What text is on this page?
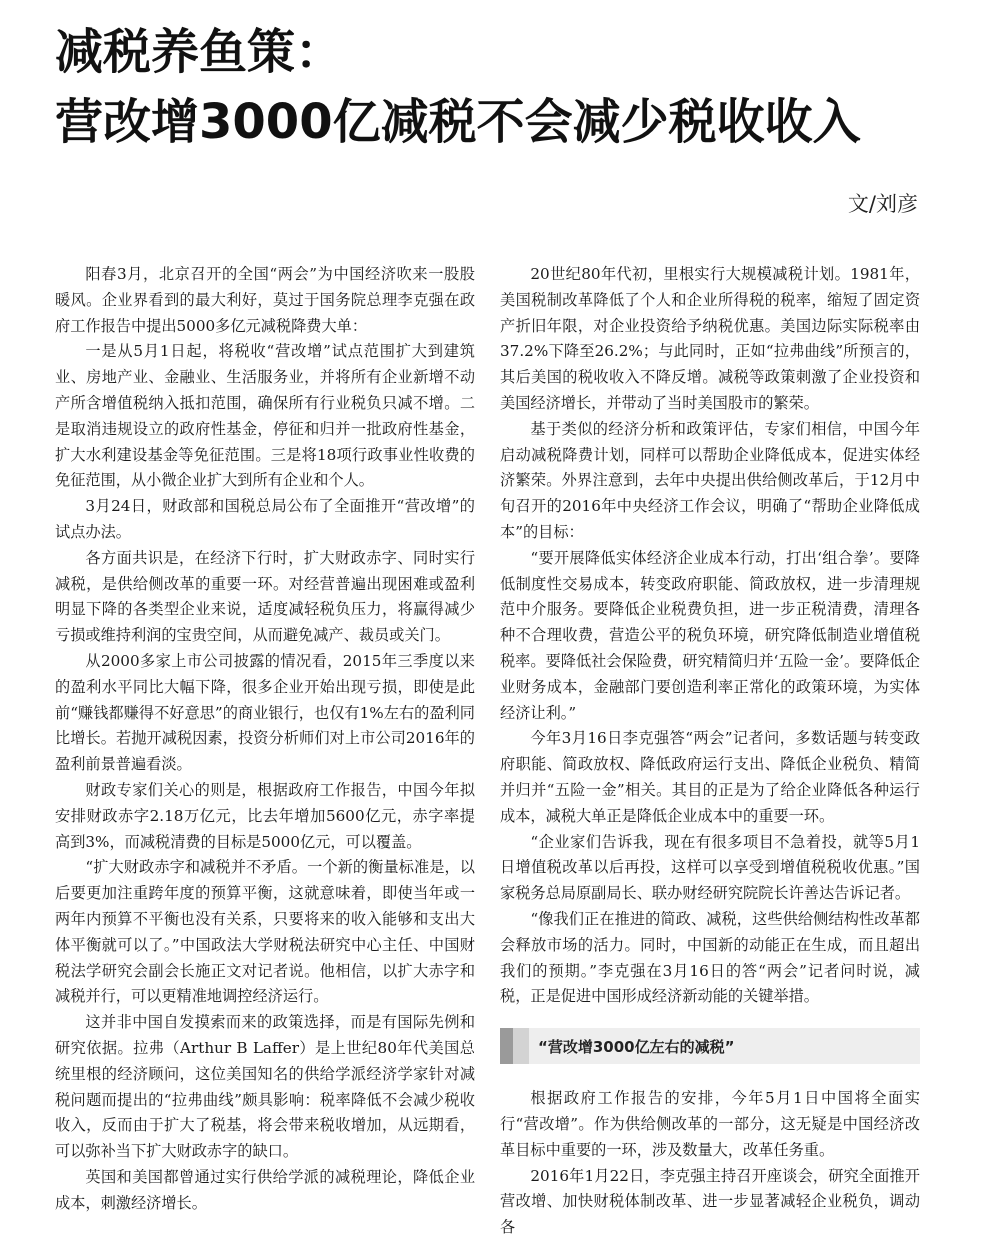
减税养鱼策：
营改增3000亿减税不会减少税收收入
文/刘彦

阳春3月，北京召开的全国“两会”为中国经济吹来一股股暖风。企业界看到的最大利好，莫过于国务院总理李克强在政府工作报告中提出5000多亿元减税降费大单：

一是从5月1日起，将税收“营改增”试点范围扩大到建筑业、房地产业、金融业、生活服务业，并将所有企业新增不动产所含增值税纳入抵扣范围，确保所有行业税负只减不增。二是取消违规设立的政府性基金，停征和归并一批政府性基金，扩大水利建设基金等免征范围。三是将18项行政事业性收费的免征范围，从小微企业扩大到所有企业和个人。

3月24日，财政部和国税总局公布了全面推开“营改增”的试点办法。

各方面共识是，在经济下行时，扩大财政赤字、同时实行减税，是供给侧改革的重要一环。对经营普遍出现困难或盈利明显下降的各类型企业来说，适度减轻税负压力，将赢得减少亏损或维持利润的宝贵空间，从而避免减产、裁员或关门。

从2000多家上市公司披露的情况看，2015年三季度以来的盈利水平同比大幅下降，很多企业开始出现亏损，即使是此前“赚钱都赚得不好意思”的商业银行，也仅有1%左右的盈利同比增长。若抛开减税因素，投资分析师们对上市公司2016年的盈利前景普遍看淡。

财政专家们关心的则是，根据政府工作报告，中国今年拟安排财政赤字2.18万亿元，比去年增加5600亿元，赤字率提高到3%，而减税清费的目标是5000亿元，可以覆盖。

“扩大财政赤字和减税并不矛盾。一个新的衡量标准是，以后要更加注重跨年度的预算平衡，这就意味着，即使当年或一两年内预算不平衡也没有关系，只要将来的收入能够和支出大体平衡就可以了。”中国政法大学财税法研究中心主任、中国财税法学研究会副会长施正文对记者说。他相信，以扩大赤字和减税并行，可以更精准地调控经济运行。

这并非中国自发摸索而来的政策选择，而是有国际先例和研究依据。拉弗（Arthur B Laffer）是上世纪80年代美国总统里根的经济顾问，这位美国知名的供给学派经济学家针对减税问题而提出的“拉弗曲线”颇具影响：税率降低不会减少税收收入，反而由于扩大了税基，将会带来税收增加，从远期看，可以弥补当下扩大财政赤字的缺口。

英国和美国都曾通过实行供给学派的减税理论，降低企业成本，刺激经济增长。

20世纪80年代初，里根实行大规模减税计划。1981年，美国税制改革降低了个人和企业所得税的税率，缩短了固定资产折旧年限，对企业投资给予纳税优惠。美国边际实际税率由37.2%下降至26.2%；与此同时，正如“拉弗曲线”所预言的，其后美国的税收收入不降反增。减税等政策刺激了企业投资和美国经济增长，并带动了当时美国股市的繁荣。

基于类似的经济分析和政策评估，专家们相信，中国今年启动减税降费计划，同样可以帮助企业降低成本，促进实体经济繁荣。外界注意到，去年中央提出供给侧改革后，于12月中旬召开的2016年中央经济工作会议，明确了“帮助企业降低成本”的目标：

“要开展降低实体经济企业成本行动，打出‘组合拳’。要降低制度性交易成本，转变政府职能、简政放权，进一步清理规范中介服务。要降低企业税费负担，进一步正税清费，清理各种不合理收费，营造公平的税负环境，研究降低制造业增值税税率。要降低社会保险费，研究精简归并‘五险一金’。要降低企业财务成本，金融部门要创造利率正常化的政策环境，为实体经济让利。”

今年3月16日李克强答“两会”记者问，多数话题与转变政府职能、简政放权、降低政府运行支出、降低企业税负、精简并归并“五险一金”相关。其目的正是为了给企业降低各种运行成本，减税大单正是降低企业成本中的重要一环。

“企业家们告诉我，现在有很多项目不急着投，就等5月1日增值税改革以后再投，这样可以享受到增值税税收优惠。”国家税务总局原副局长、联办财经研究院院长许善达告诉记者。

“像我们正在推进的简政、减税，这些供给侧结构性改革都会释放市场的活力。同时，中国新的动能正在生成，而且超出我们的预期。”李克强在3月16日的答“两会”记者问时说，减税，正是促进中国形成经济新动能的关键举措。

“营改增3000亿左右的减税”

根据政府工作报告的安排，今年5月1日中国将全面实行“营改增”。作为供给侧改革的一部分，这无疑是中国经济改革目标中重要的一环，涉及数量大，改革任务重。

2016年1月22日，李克强主持召开座谈会，研究全面推开营改增、加快财税体制改革、进一步显著减轻企业税负，调动各
